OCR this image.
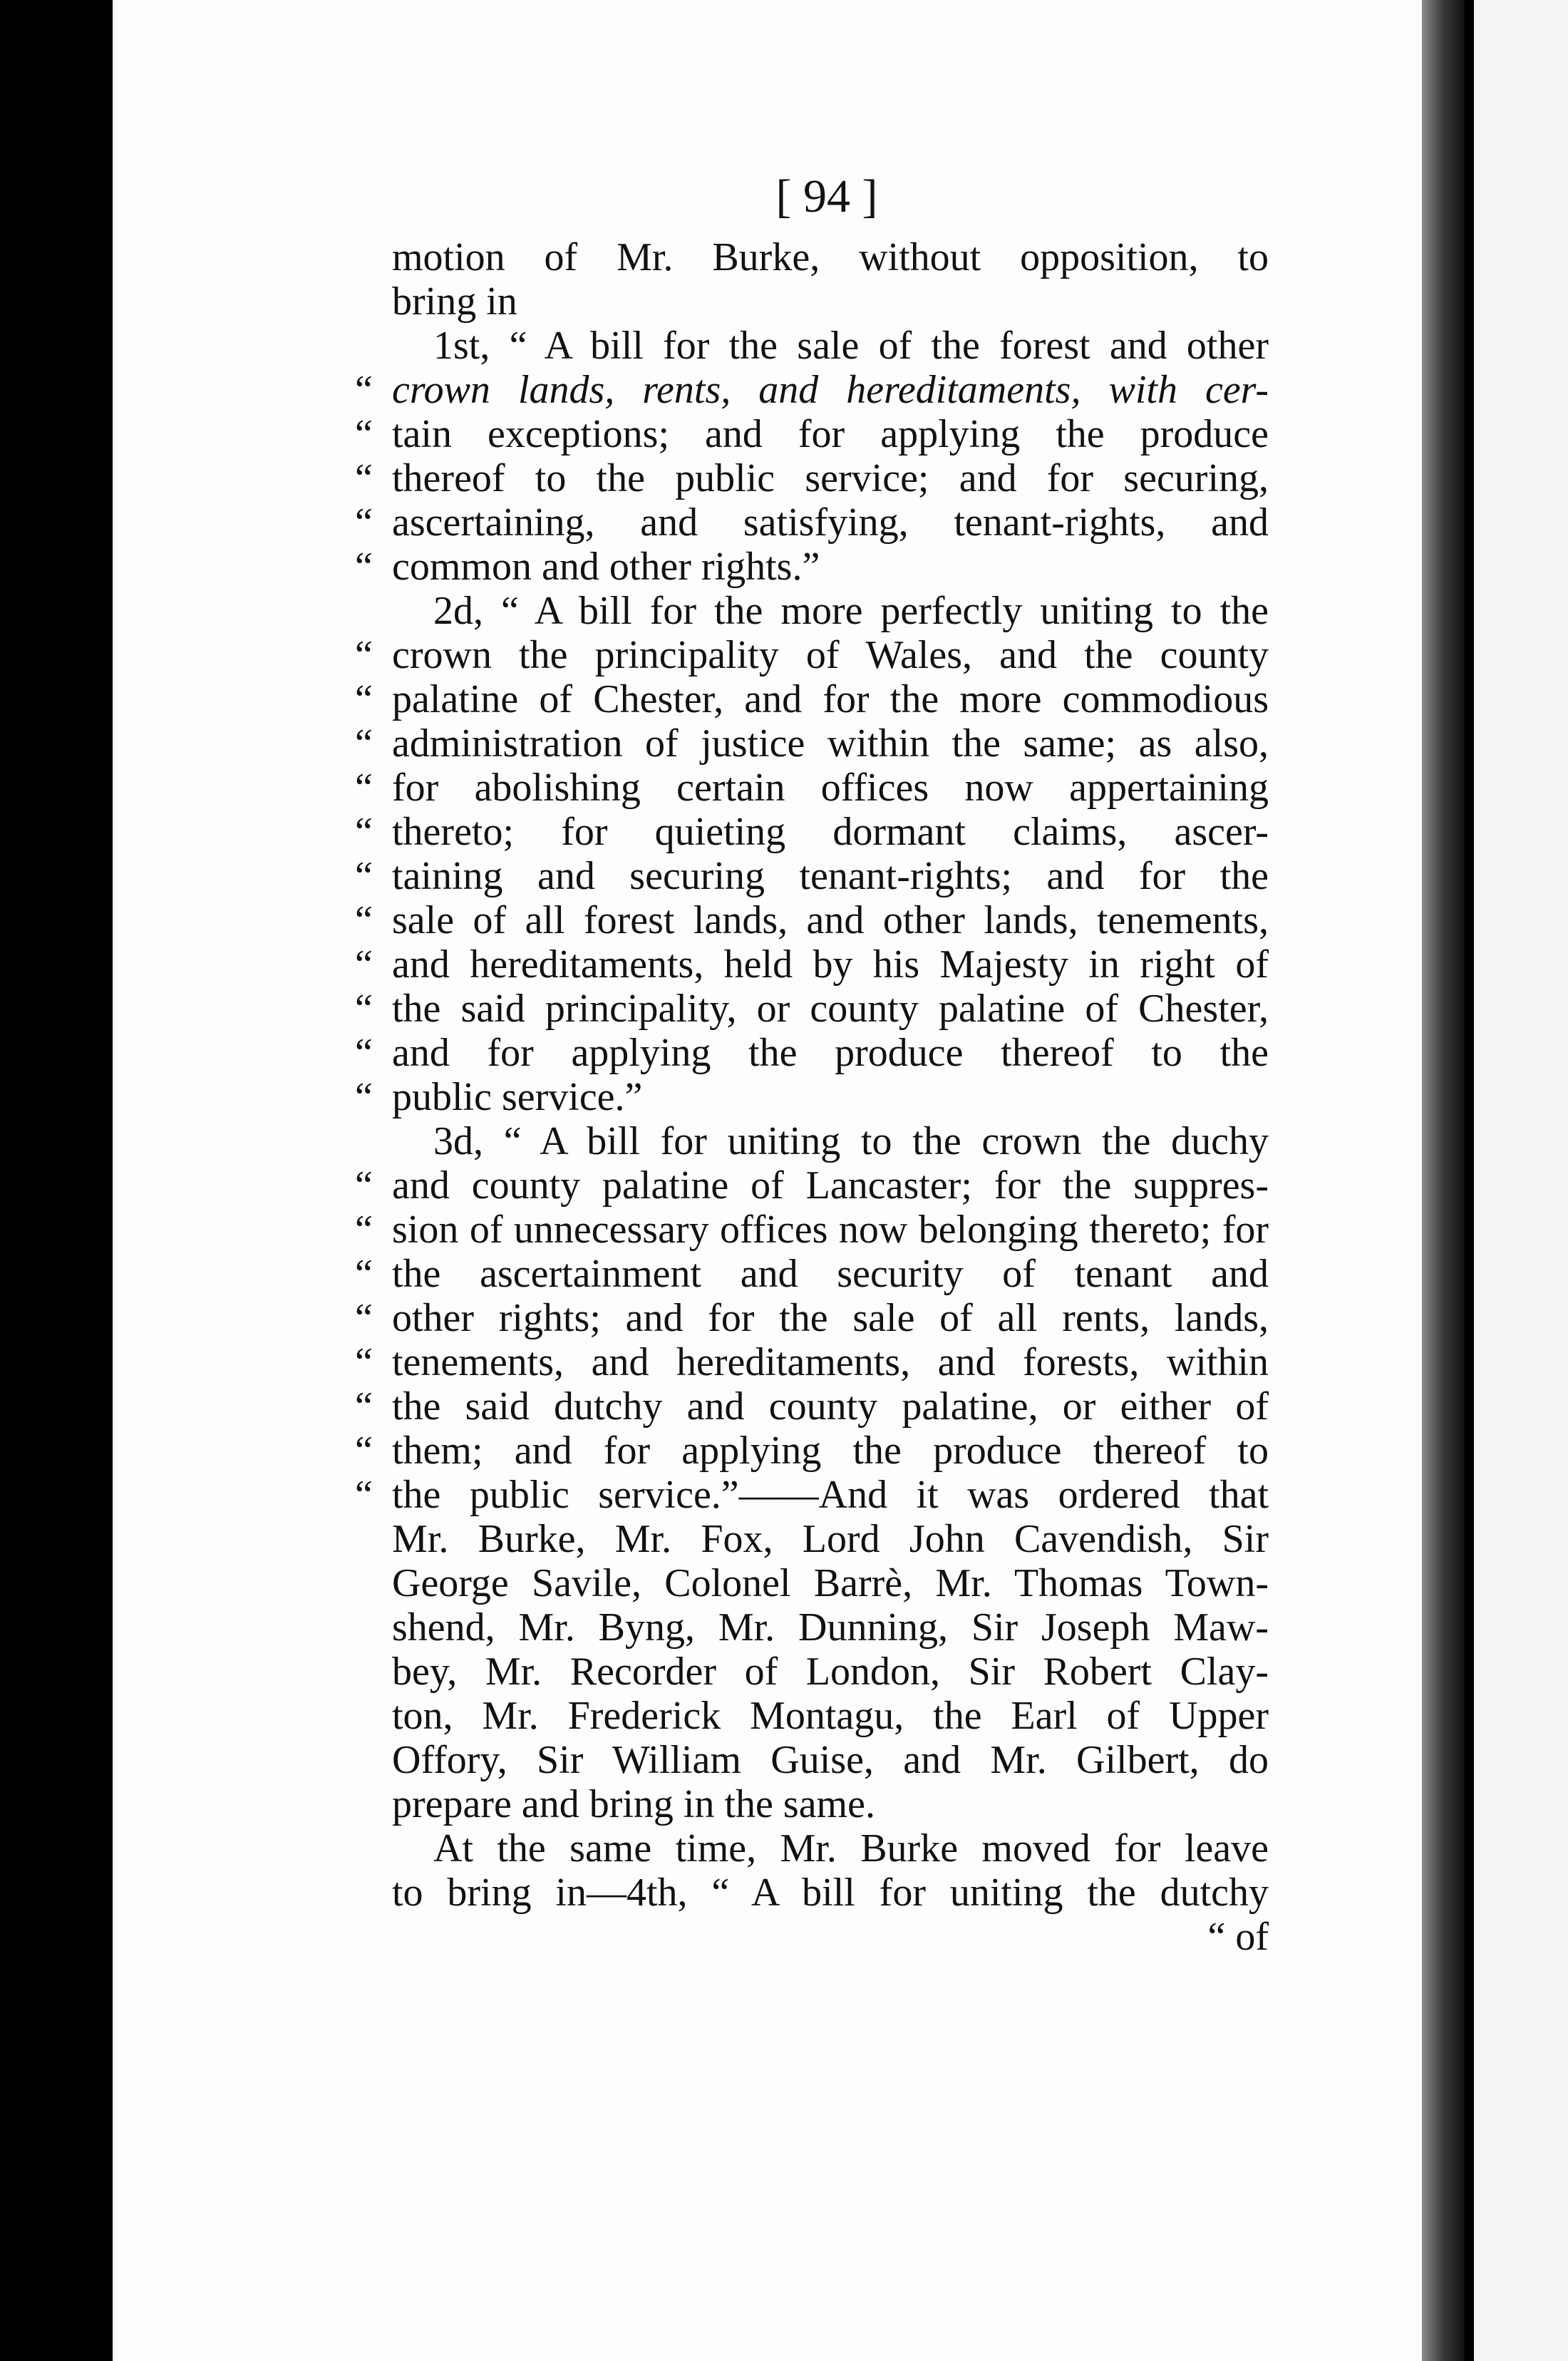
[ 94 ]
motion of Mr. Burke, without opposition, to
bring in
1st, “ A bill for the sale of the forest and other
“ crown lands, rents, and hereditaments, with cer-
“ tain exceptions; and for applying the produce
“ thereof to the public service; and for securing,
“ ascertaining, and satisfying, tenant-rights, and
“ common and other rights.”
2d, “ A bill for the more perfectly uniting to the
“ crown the principality of Wales, and the county
“ palatine of Chester, and for the more commodious
“ administration of justice within the same; as also,
“ for abolishing certain offices now appertaining
“ thereto; for quieting dormant claims, ascer-
“ taining and securing tenant-rights; and for the
“ sale of all forest lands, and other lands, tenements,
“ and hereditaments, held by his Majesty in right of
“ the said principality, or county palatine of Chester,
“ and for applying the produce thereof to the
“ public service.”
3d, “ A bill for uniting to the crown the duchy
“ and county palatine of Lancaster; for the suppres-
“ sion of unnecessary offices now belonging thereto; for
“ the ascertainment and security of tenant and
“ other rights; and for the sale of all rents, lands,
“ tenements, and hereditaments, and forests, within
“ the said dutchy and county palatine, or either of
“ them; and for applying the produce thereof to
“ the public service.”——And it was ordered that
Mr. Burke, Mr. Fox, Lord John Cavendish, Sir
George Savile, Colonel Barrè, Mr. Thomas Town-
shend, Mr. Byng, Mr. Dunning, Sir Joseph Maw-
bey, Mr. Recorder of London, Sir Robert Clay-
ton, Mr. Frederick Montagu, the Earl of Upper
Offory, Sir William Guise, and Mr. Gilbert, do
prepare and bring in the same.
At the same time, Mr. Burke moved for leave
to bring in—4th, “ A bill for uniting the dutchy
“ of
